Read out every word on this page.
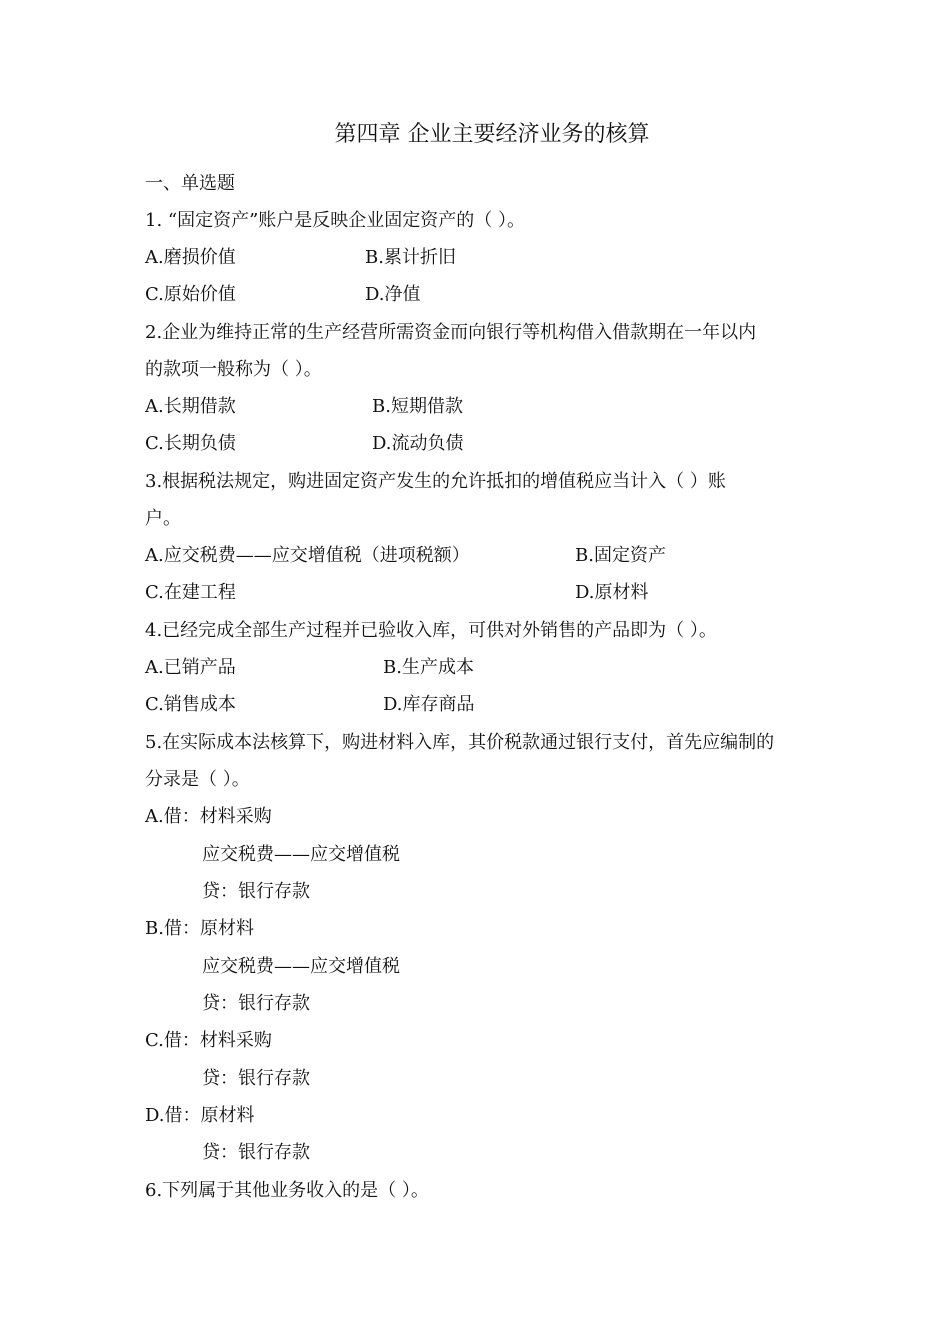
第四章 企业主要经济业务的核算
一、单选题
1. “固定资产”账户是反映企业固定资产的（ ）。
A.磨损价值	B.累计折旧
C.原始价值	D.净值
2.企业为维持正常的生产经营所需资金而向银行等机构借入借款期在一年以内
的款项一般称为（ ）。
A.长期借款	B.短期借款
C.长期负债	D.流动负债
3.根据税法规定，购进固定资产发生的允许抵扣的增值税应当计入（ ）账
户。
A.应交税费——应交增值税（进项税额）	B.固定资产
C.在建工程	D.原材料
4.已经完成全部生产过程并已验收入库，可供对外销售的产品即为（ ）。
A.已销产品	B.生产成本
C.销售成本	D.库存商品
5.在实际成本法核算下，购进材料入库，其价税款通过银行支付，首先应编制的
分录是（ ）。
A.借：材料采购
应交税费——应交增值税
贷：银行存款
B.借：原材料
应交税费——应交增值税
贷：银行存款
C.借：材料采购
贷：银行存款
D.借：原材料
贷：银行存款
6.下列属于其他业务收入的是（ ）。
